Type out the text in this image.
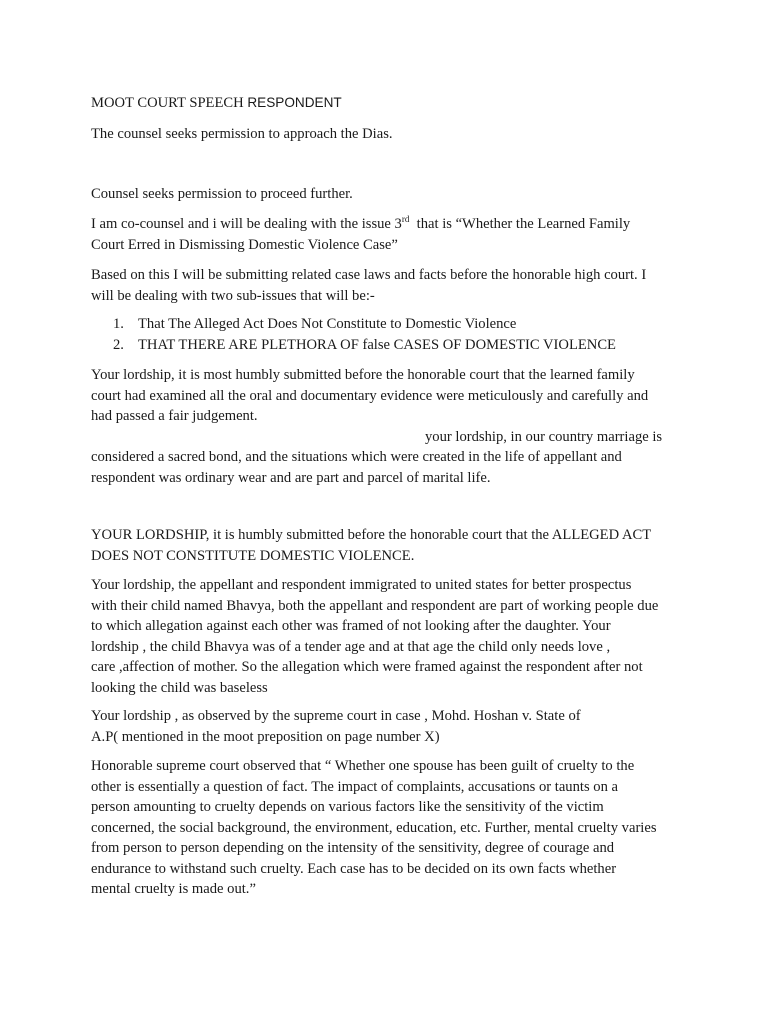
MOOT COURT SPEECH RESPONDENT
The counsel seeks permission to approach the Dias.
Counsel seeks permission to proceed further.
I am co-counsel and i will be dealing with the issue 3rd that is “Whether the Learned Family
Court Erred in Dismissing Domestic Violence Case”
Based on this I will be submitting related case laws and facts before the honorable high court. I
will be dealing with two sub-issues that will be:-
1. That The Alleged Act Does Not Constitute to Domestic Violence
2. THAT THERE ARE PLETHORA OF false CASES OF DOMESTIC VIOLENCE
Your lordship, it is most humbly submitted before the honorable court that the learned family
court had examined all the oral and documentary evidence were meticulously and carefully and
had passed a fair judgement.
your lordship, in our country marriage is
considered a sacred bond, and the situations which were created in the life of appellant and
respondent was ordinary wear and are part and parcel of marital life.
YOUR LORDSHIP, it is humbly submitted before the honorable court that the ALLEGED ACT
DOES NOT CONSTITUTE DOMESTIC VIOLENCE.
Your lordship, the appellant and respondent immigrated to united states for better prospectus
with their child named Bhavya, both the appellant and respondent are part of working people due
to which allegation against each other was framed of not looking after the daughter. Your
lordship , the child Bhavya was of a tender age and at that age the child only needs love ,
care ,affection of mother. So the allegation which were framed against the respondent after not
looking the child was baseless
Your lordship , as observed by the supreme court in case , Mohd. Hoshan v. State of
A.P( mentioned in the moot preposition on page number X)
Honorable supreme court observed that “ Whether one spouse has been guilt of cruelty to the
other is essentially a question of fact. The impact of complaints, accusations or taunts on a
person amounting to cruelty depends on various factors like the sensitivity of the victim
concerned, the social background, the environment, education, etc. Further, mental cruelty varies
from person to person depending on the intensity of the sensitivity, degree of courage and
endurance to withstand such cruelty. Each case has to be decided on its own facts whether
mental cruelty is made out.”
